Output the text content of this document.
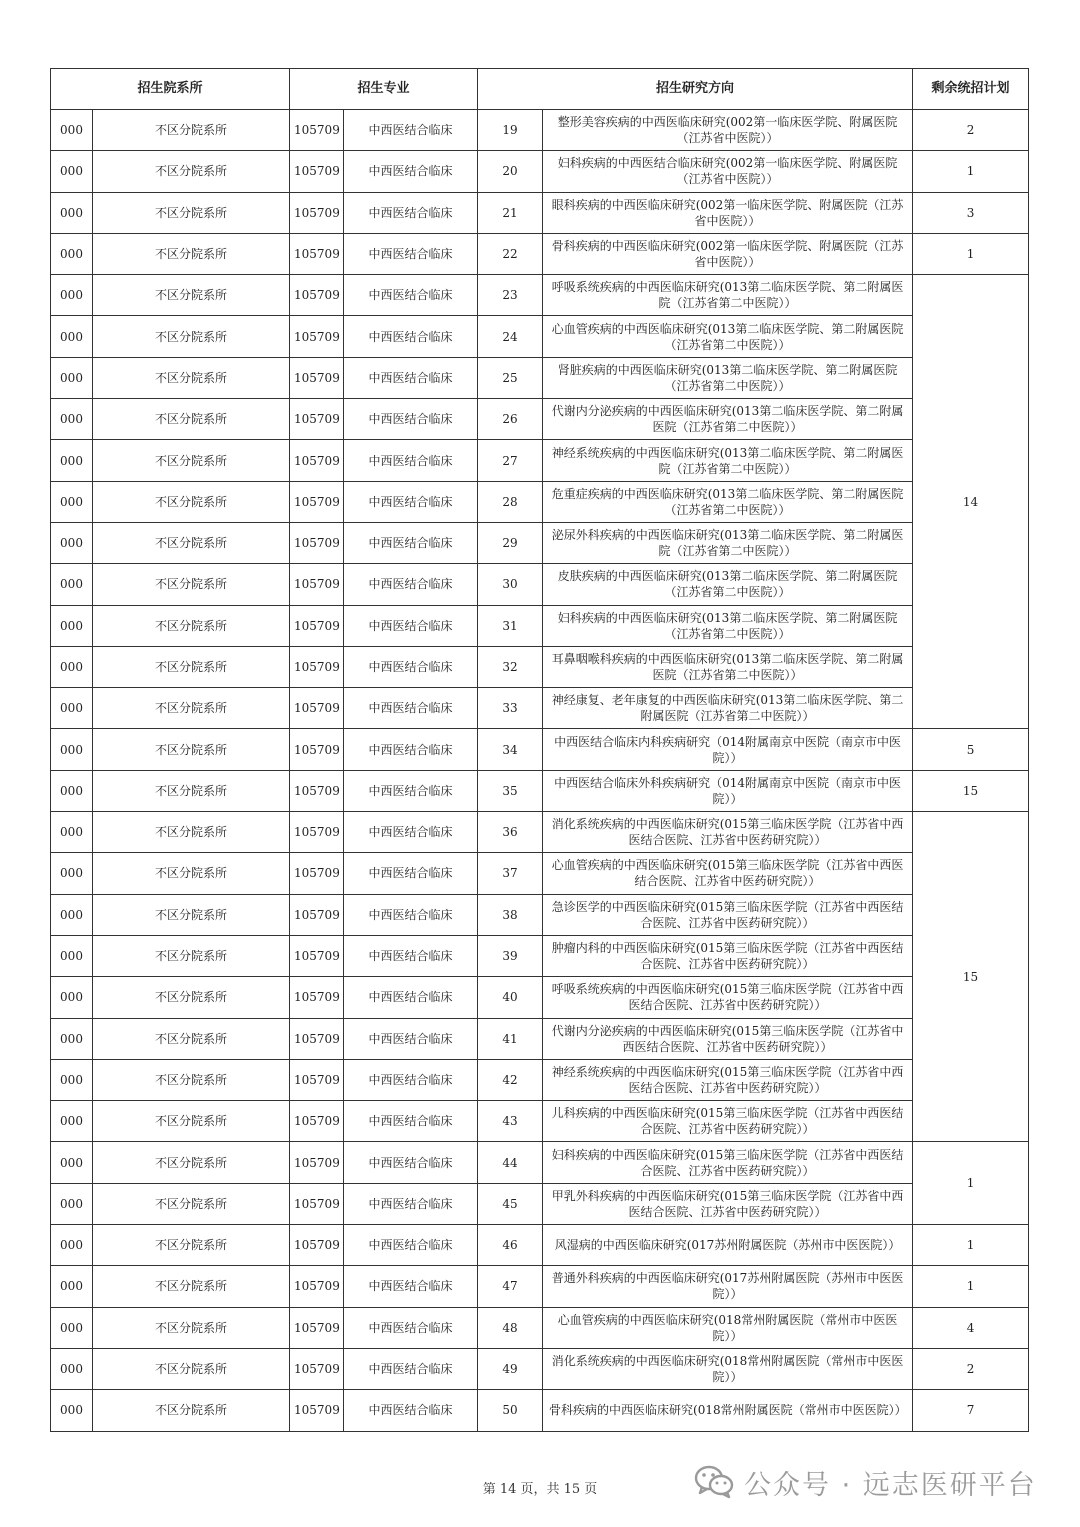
招生院系所		招生专业		招生研究方向		剩余统招计划
000	不区分院系所	105709	中西医结合临床	19	整形美容疾病的中西医临床研究(002第一临床医学院、附属医院（江苏省中医院））	2
000	不区分院系所	105709	中西医结合临床	20	妇科疾病的中西医结合临床研究(002第一临床医学院、附属医院（江苏省中医院））	1
000	不区分院系所	105709	中西医结合临床	21	眼科疾病的中西医临床研究(002第一临床医学院、附属医院（江苏省中医院））	3
000	不区分院系所	105709	中西医结合临床	22	骨科疾病的中西医临床研究(002第一临床医学院、附属医院（江苏省中医院））	1
000	不区分院系所	105709	中西医结合临床	23	呼吸系统疾病的中西医临床研究(013第二临床医学院、第二附属医院（江苏省第二中医院））	14
000	不区分院系所	105709	中西医结合临床	24	心血管疾病的中西医临床研究(013第二临床医学院、第二附属医院（江苏省第二中医院））	
000	不区分院系所	105709	中西医结合临床	25	肾脏疾病的中西医临床研究(013第二临床医学院、第二附属医院（江苏省第二中医院））	
000	不区分院系所	105709	中西医结合临床	26	代谢内分泌疾病的中西医临床研究(013第二临床医学院、第二附属医院（江苏省第二中医院））	
000	不区分院系所	105709	中西医结合临床	27	神经系统疾病的中西医临床研究(013第二临床医学院、第二附属医院（江苏省第二中医院））	
000	不区分院系所	105709	中西医结合临床	28	危重症疾病的中西医临床研究(013第二临床医学院、第二附属医院（江苏省第二中医院））	
000	不区分院系所	105709	中西医结合临床	29	泌尿外科疾病的中西医临床研究(013第二临床医学院、第二附属医院（江苏省第二中医院））	
000	不区分院系所	105709	中西医结合临床	30	皮肤疾病的中西医临床研究(013第二临床医学院、第二附属医院（江苏省第二中医院））	
000	不区分院系所	105709	中西医结合临床	31	妇科疾病的中西医临床研究(013第二临床医学院、第二附属医院（江苏省第二中医院））	
000	不区分院系所	105709	中西医结合临床	32	耳鼻咽喉科疾病的中西医临床研究(013第二临床医学院、第二附属医院（江苏省第二中医院））	
000	不区分院系所	105709	中西医结合临床	33	神经康复、老年康复的中西医临床研究(013第二临床医学院、第二附属医院（江苏省第二中医院））	
000	不区分院系所	105709	中西医结合临床	34	中西医结合临床内科疾病研究（014附属南京中医院（南京市中医院））	5
000	不区分院系所	105709	中西医结合临床	35	中西医结合临床外科疾病研究（014附属南京中医院（南京市中医院））	15
000	不区分院系所	105709	中西医结合临床	36	消化系统疾病的中西医临床研究(015第三临床医学院（江苏省中西医结合医院、江苏省中医药研究院））	15
000	不区分院系所	105709	中西医结合临床	37	心血管疾病的中西医临床研究(015第三临床医学院（江苏省中西医结合医院、江苏省中医药研究院））	
000	不区分院系所	105709	中西医结合临床	38	急诊医学的中西医临床研究(015第三临床医学院（江苏省中西医结合医院、江苏省中医药研究院））	
000	不区分院系所	105709	中西医结合临床	39	肿瘤内科的中西医临床研究(015第三临床医学院（江苏省中西医结合医院、江苏省中医药研究院））	
000	不区分院系所	105709	中西医结合临床	40	呼吸系统疾病的中西医临床研究(015第三临床医学院（江苏省中西医结合医院、江苏省中医药研究院））	
000	不区分院系所	105709	中西医结合临床	41	代谢内分泌疾病的中西医临床研究(015第三临床医学院（江苏省中西医结合医院、江苏省中医药研究院））	
000	不区分院系所	105709	中西医结合临床	42	神经系统疾病的中西医临床研究(015第三临床医学院（江苏省中西医结合医院、江苏省中医药研究院））	
000	不区分院系所	105709	中西医结合临床	43	儿科疾病的中西医临床研究(015第三临床医学院（江苏省中西医结合医院、江苏省中医药研究院））	
000	不区分院系所	105709	中西医结合临床	44	妇科疾病的中西医临床研究(015第三临床医学院（江苏省中西医结合医院、江苏省中医药研究院））	1
000	不区分院系所	105709	中西医结合临床	45	甲乳外科疾病的中西医临床研究(015第三临床医学院（江苏省中西医结合医院、江苏省中医药研究院））	
000	不区分院系所	105709	中西医结合临床	46	风湿病的中西医临床研究(017苏州附属医院（苏州市中医医院））	1
000	不区分院系所	105709	中西医结合临床	47	普通外科疾病的中西医临床研究(017苏州附属医院（苏州市中医医院））	1
000	不区分院系所	105709	中西医结合临床	48	心血管疾病的中西医临床研究(018常州附属医院（常州市中医医院））	4
000	不区分院系所	105709	中西医结合临床	49	消化系统疾病的中西医临床研究(018常州附属医院（常州市中医医院））	2
000	不区分院系所	105709	中西医结合临床	50	骨科疾病的中西医临床研究(018常州附属医院（常州市中医医院））	7
第 14 页，共 15 页	公众号 · 远志医研平台
